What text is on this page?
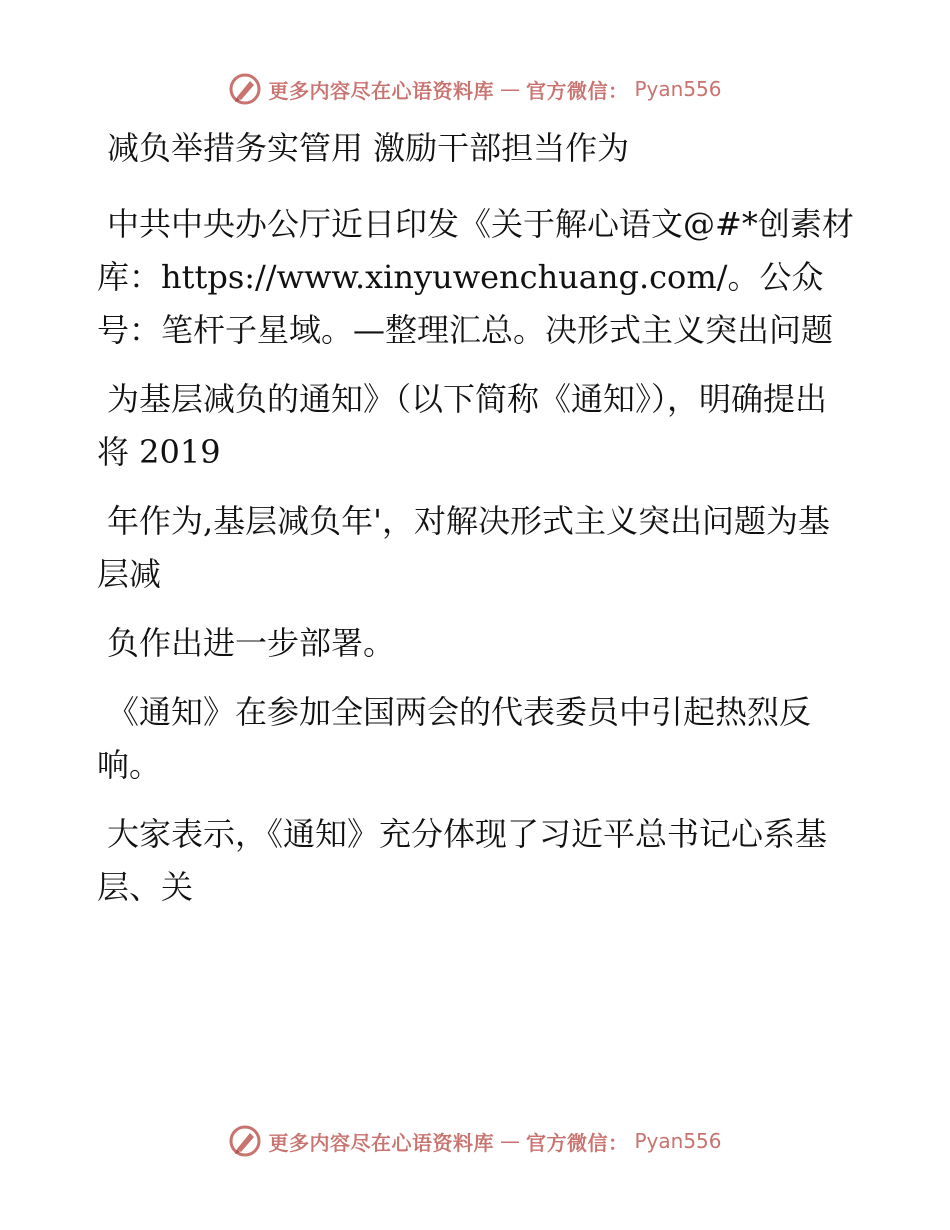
更多内容尽在心语资料库 — 官方微信： Pyan556

减负举措务实管用 激励干部担当作为

中共中央办公厅近日印发《关于解心语文@#*创素材库：https://www.xinyuwenchuang.com/。公众号：笔杆子星域。—整理汇总。决形式主义突出问题

为基层减负的通知》（以下简称《通知》），明确提出将 2019

年作为,基层减负年'，对解决形式主义突出问题为基层减

负作出进一步部署。

《通知》在参加全国两会的代表委员中引起热烈反响。

大家表示，《通知》充分体现了习近平总书记心系基层、关

更多内容尽在心语资料库 — 官方微信： Pyan556
